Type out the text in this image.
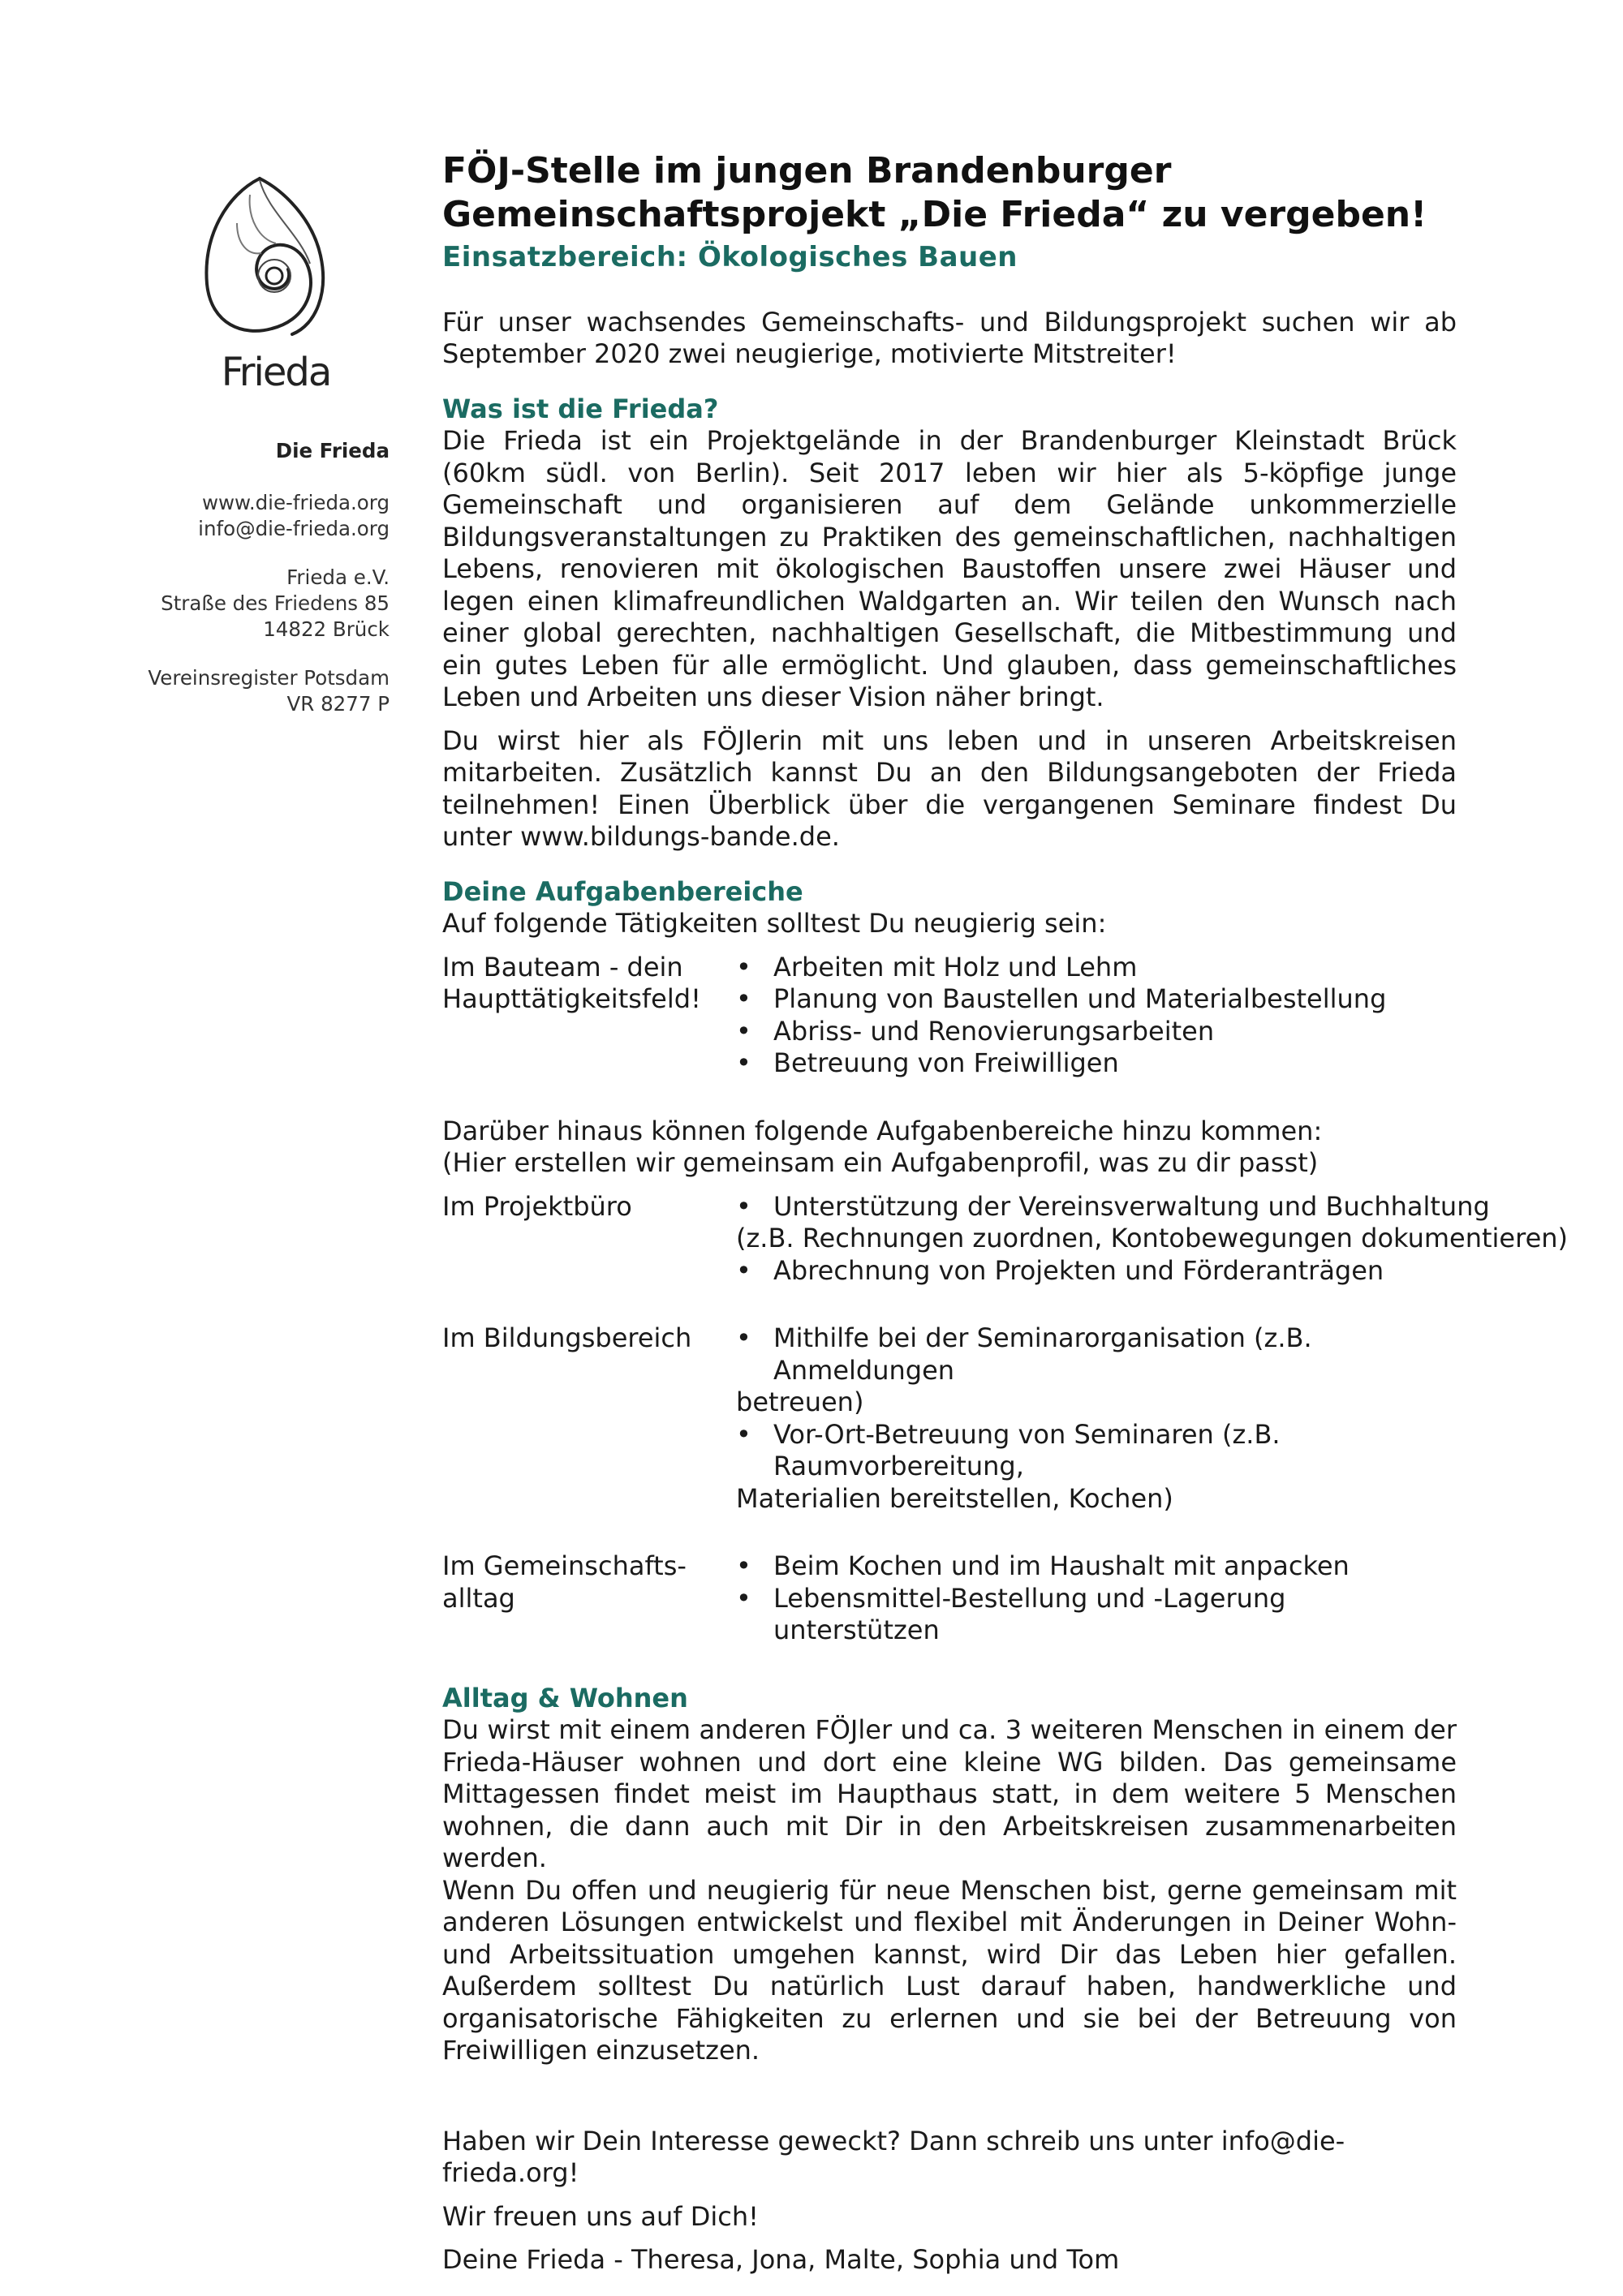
Frieda
Die Frieda
www.die-frieda.org
info@die-frieda.org
Frieda e.V.
Straße des Friedens 85
14822 Brück
Vereinsregister Potsdam
VR 8277 P
FÖJ-Stelle im jungen Brandenburger
Gemeinschaftsprojekt „Die Frieda“ zu vergeben!
Einsatzbereich: Ökologisches Bauen

Für unser wachsendes Gemeinschafts- und Bildungsprojekt suchen wir ab September 2020 zwei neugierige, motivierte Mitstreiter!

Was ist die Frieda?

Die Frieda ist ein Projektgelände in der Brandenburger Kleinstadt Brück (60km südl. von Berlin). Seit 2017 leben wir hier als 5-köpfige junge Gemeinschaft und organisieren auf dem Gelände unkommerzielle Bildungsveranstaltungen zu Praktiken des gemeinschaftlichen, nachhaltigen Lebens, renovieren mit ökologischen Baustoffen unsere zwei Häuser und legen einen klimafreundlichen Waldgarten an. Wir teilen den Wunsch nach einer global gerechten, nachhaltigen Gesellschaft, die Mitbestimmung und ein gutes Leben für alle ermöglicht. Und glauben, dass gemeinschaftliches Leben und Arbeiten uns dieser Vision näher bringt.

Du wirst hier als FÖJlerin mit uns leben und in unseren Arbeitskreisen mitarbeiten. Zusätzlich kannst Du an den Bildungsangeboten der Frieda teilnehmen! Einen Überblick über die vergangenen Seminare findest Du unter www.bildungs-bande.de.

Deine Aufgabenbereiche

Auf folgende Tätigkeiten solltest Du neugierig sein:

Im Bauteam - dein
Haupttätigkeitsfeld!
• Arbeiten mit Holz und Lehm
• Planung von Baustellen und Materialbestellung
• Abriss- und Renovierungsarbeiten
• Betreuung von Freiwilligen

Darüber hinaus können folgende Aufgabenbereiche hinzu kommen:

(Hier erstellen wir gemeinsam ein Aufgabenprofil, was zu dir passt)

Im Projektbüro	• Unterstützung der Vereinsverwaltung und Buchhaltung
(z.B. Rechnungen zuordnen, Kontobewegungen dokumentieren)
• Abrechnung von Projekten und Förderanträgen
Im Bildungsbereich	• Mithilfe bei der Seminarorganisation (z.B. Anmeldungen
betreuen)
• Vor-Ort-Betreuung von Seminaren (z.B. Raumvorbereitung,
Materialien bereitstellen, Kochen)
Im Gemeinschafts-
alltag
• Beim Kochen und im Haushalt mit anpacken
• Lebensmittel-Bestellung und -Lagerung unterstützen
Alltag & Wohnen

Du wirst mit einem anderen FÖJler und ca. 3 weiteren Menschen in einem der Frieda-Häuser wohnen und dort eine kleine WG bilden. Das gemeinsame Mittagessen findet meist im Haupthaus statt, in dem weitere 5 Menschen wohnen, die dann auch mit Dir in den Arbeitskreisen zusammenarbeiten werden.

Wenn Du offen und neugierig für neue Menschen bist, gerne gemeinsam mit anderen Lösungen entwickelst und flexibel mit Änderungen in Deiner Wohn- und Arbeitssituation umgehen kannst, wird Dir das Leben hier gefallen. Außerdem solltest Du natürlich Lust darauf haben, handwerkliche und organisatorische Fähigkeiten zu erlernen und sie bei der Betreuung von Freiwilligen einzusetzen.

Haben wir Dein Interesse geweckt? Dann schreib uns unter info@die-frieda.org!

Wir freuen uns auf Dich!

Deine Frieda - Theresa, Jona, Malte, Sophia und Tom
